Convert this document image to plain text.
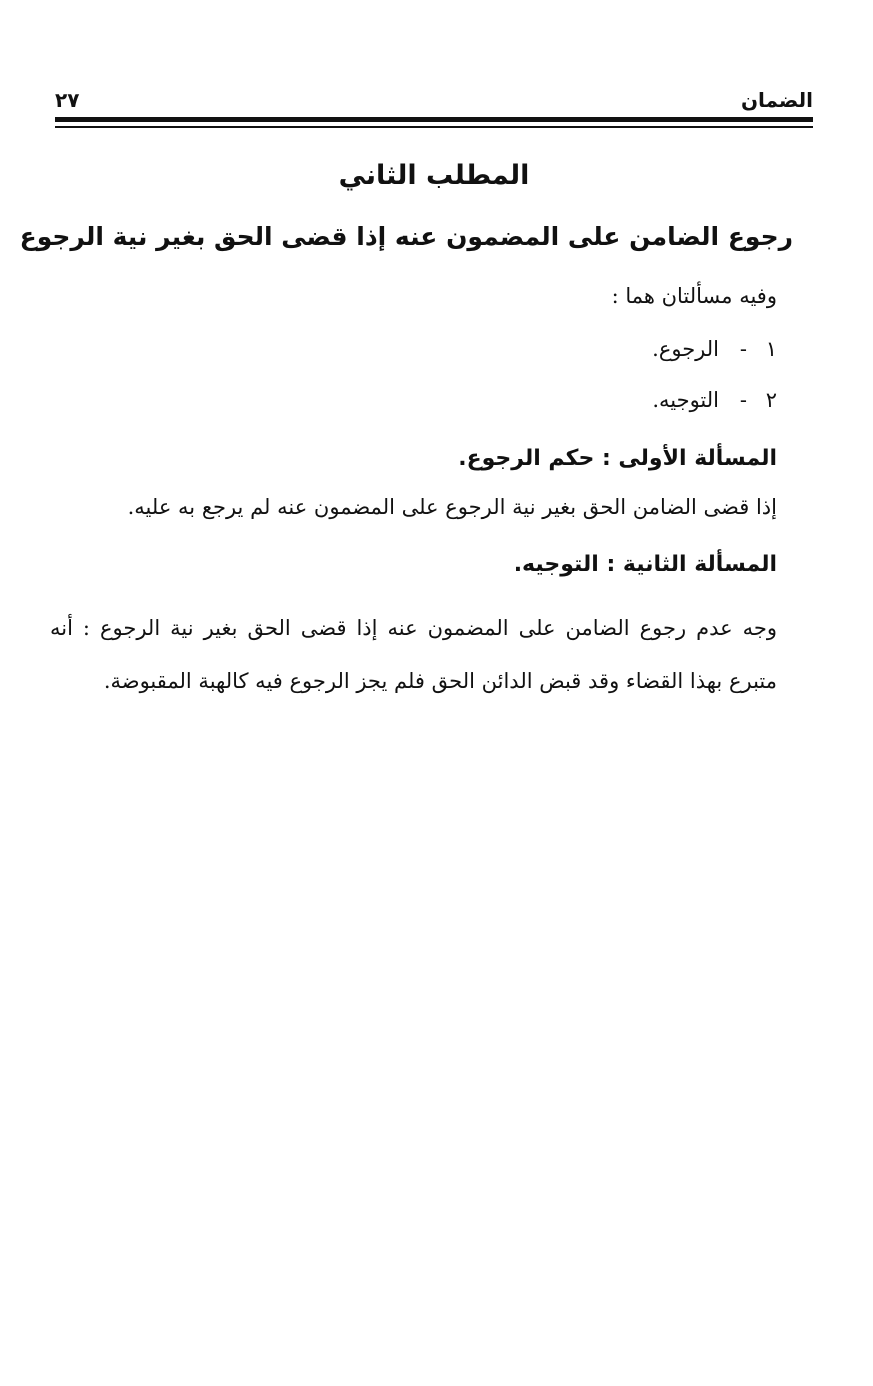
الضمان
٢٧
المطلب الثاني
رجوع الضامن على المضمون عنه إذا قضى الحق بغير نية الرجوع
وفيه مسألتان هما :
١-الرجوع.
٢-التوجيه.
المسألة الأولى : حكم الرجوع.
إذا قضى الضامن الحق بغير نية الرجوع على المضمون عنه لم يرجع به عليه.
المسألة الثانية : التوجيه.
وجه عدم رجوع الضامن على المضمون عنه إذا قضى الحق بغير نية الرجوع : أنه متبرع بهذا القضاء وقد قبض الدائن الحق فلم يجز الرجوع فيه كالهبة المقبوضة.
